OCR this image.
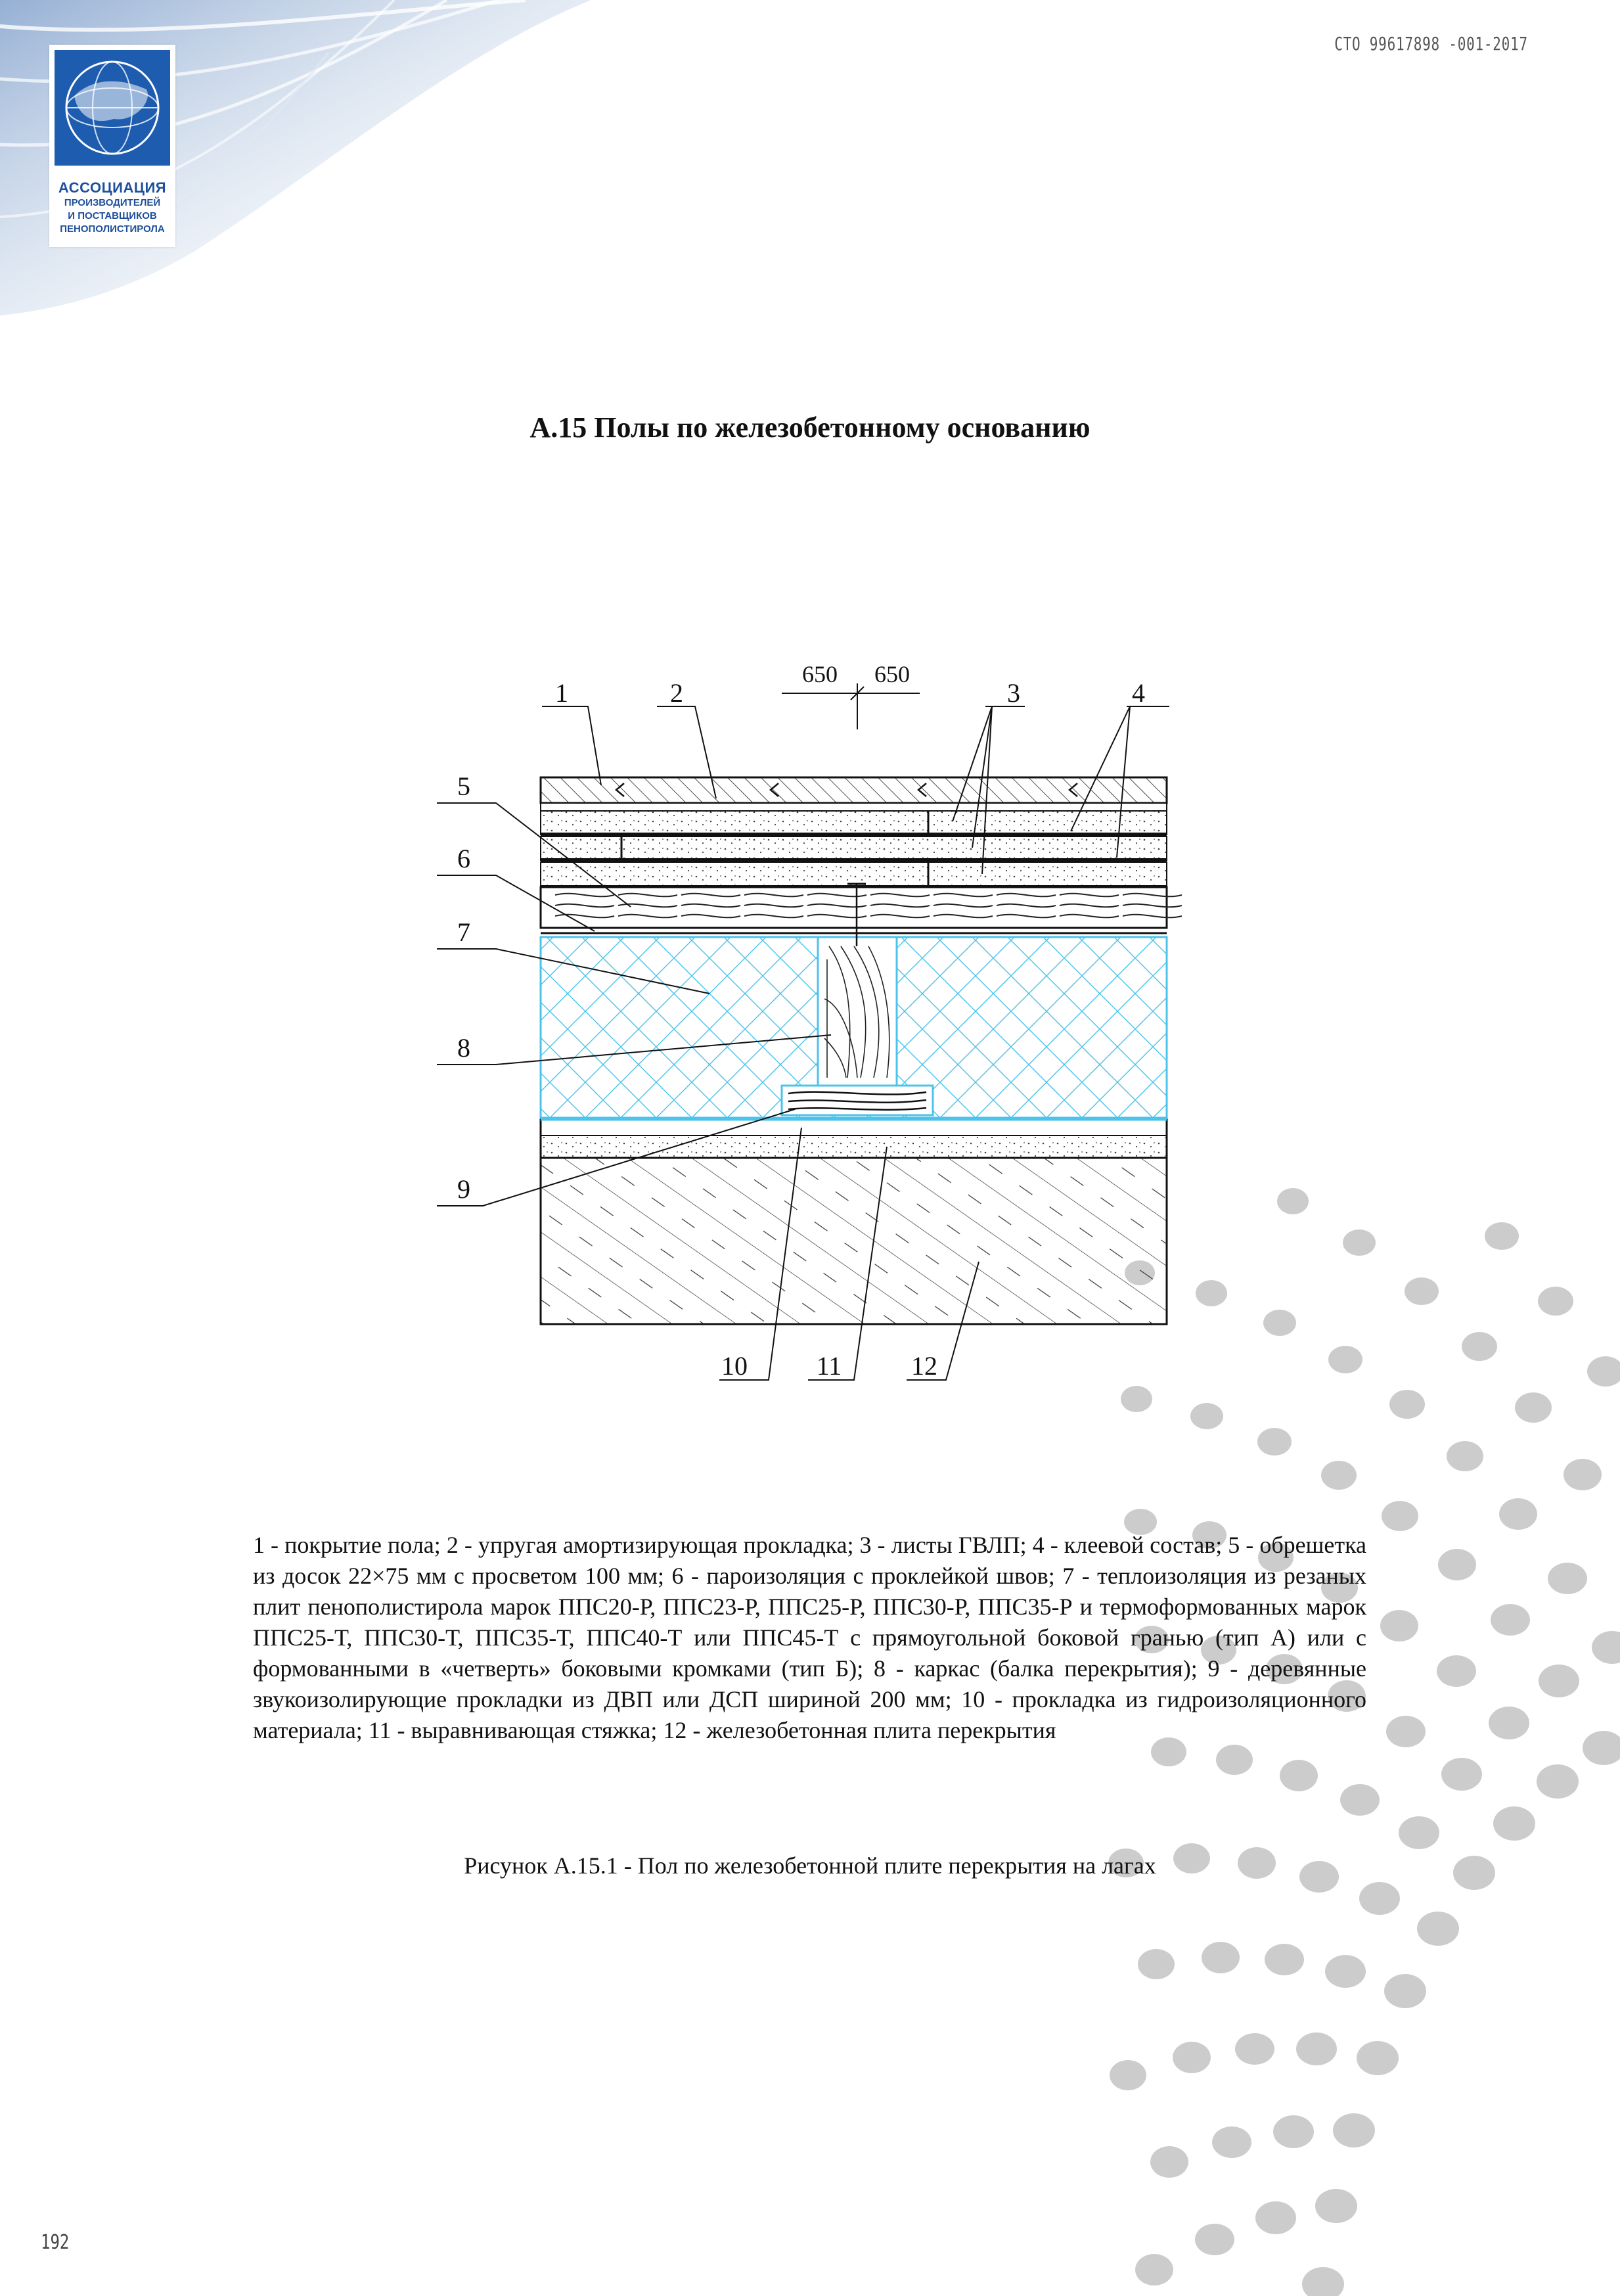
АССОЦИАЦИЯ
ПРОИЗВОДИТЕЛЕЙ
И ПОСТАВЩИКОВ
ПЕНОПОЛИСТИРОЛА
СТО 99617898 -001-2017
А.15 Полы по железобетонному основанию
650 650
1	2	3	4
5
6
7
8
9
10	11	12
1 - покрытие пола; 2 - упругая амортизирующая прокладка; 3 - листы ГВЛП; 4 - клеевой состав; 5 - обрешетка из досок 22×75 мм с просветом 100 мм; 6 - пароизоляция с проклейкой швов; 7 - теплоизоляция из резаных плит пенополистирола марок ППС20-Р, ППС23-Р, ППС25-Р, ППС30-Р, ППС35-Р и термоформованных марок ППС25-Т, ППС30-Т, ППС35-Т, ППС40-Т или ППС45-Т с прямоугольной боковой гранью (тип А) или с формованными в «четверть» боковыми кромками (тип Б); 8 - каркас (балка перекрытия); 9 - деревянные звукоизолирующие прокладки из ДВП или ДСП шириной 200 мм; 10 - прокладка из гидроизоляционного материала; 11 - выравнивающая стяжка; 12 - железобетонная плита перекрытия
Рисунок А.15.1 - Пол по железобетонной плите перекрытия на лагах
192
